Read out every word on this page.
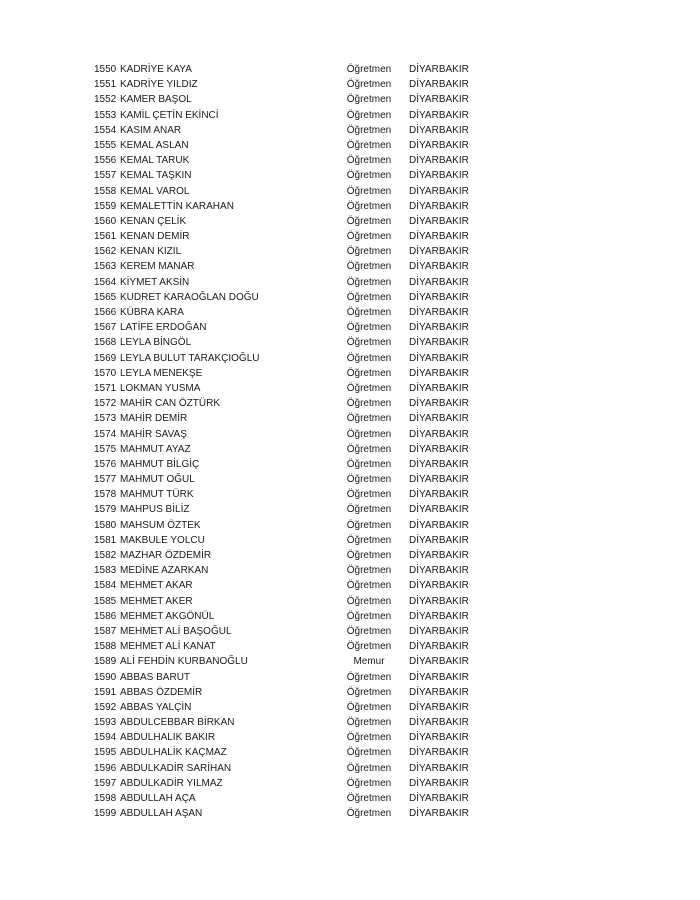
1550 KADRİYE KAYA	Öğretmen	DİYARBAKIR
1551 KADRİYE YILDIZ	Öğretmen	DİYARBAKIR
1552 KAMER BAŞOL	Öğretmen	DİYARBAKIR
1553 KAMİL ÇETİN EKİNCİ	Öğretmen	DİYARBAKIR
1554 KASIM ANAR	Öğretmen	DİYARBAKIR
1555 KEMAL ASLAN	Öğretmen	DİYARBAKIR
1556 KEMAL TARUK	Öğretmen	DİYARBAKIR
1557 KEMAL TAŞKIN	Öğretmen	DİYARBAKIR
1558 KEMAL VAROL	Öğretmen	DİYARBAKIR
1559 KEMALETTİN KARAHAN	Öğretmen	DİYARBAKIR
1560 KENAN ÇELİK	Öğretmen	DİYARBAKIR
1561 KENAN DEMİR	Öğretmen	DİYARBAKIR
1562 KENAN KIZIL	Öğretmen	DİYARBAKIR
1563 KEREM MANAR	Öğretmen	DİYARBAKIR
1564 KİYMET AKSİN	Öğretmen	DİYARBAKIR
1565 KUDRET KARAOĞLAN DOĞU	Öğretmen	DİYARBAKIR
1566 KÜBRA KARA	Öğretmen	DİYARBAKIR
1567 LATİFE ERDOĞAN	Öğretmen	DİYARBAKIR
1568 LEYLA BİNGÖL	Öğretmen	DİYARBAKIR
1569 LEYLA BULUT TARAKÇIOĞLU	Öğretmen	DİYARBAKIR
1570 LEYLA MENEKŞE	Öğretmen	DİYARBAKIR
1571 LOKMAN YUSMA	Öğretmen	DİYARBAKIR
1572 MAHİR CAN ÖZTÜRK	Öğretmen	DİYARBAKIR
1573 MAHİR DEMİR	Öğretmen	DİYARBAKIR
1574 MAHİR SAVAŞ	Öğretmen	DİYARBAKIR
1575 MAHMUT AYAZ	Öğretmen	DİYARBAKIR
1576 MAHMUT BİLGİÇ	Öğretmen	DİYARBAKIR
1577 MAHMUT OĞUL	Öğretmen	DİYARBAKIR
1578 MAHMUT TÜRK	Öğretmen	DİYARBAKIR
1579 MAHPUS BİLİZ	Öğretmen	DİYARBAKIR
1580 MAHSUM ÖZTEK	Öğretmen	DİYARBAKIR
1581 MAKBULE YOLCU	Öğretmen	DİYARBAKIR
1582 MAZHAR ÖZDEMİR	Öğretmen	DİYARBAKIR
1583 MEDİNE AZARKAN	Öğretmen	DİYARBAKIR
1584 MEHMET AKAR	Öğretmen	DİYARBAKIR
1585 MEHMET AKER	Öğretmen	DİYARBAKIR
1586 MEHMET AKGÖNÜL	Öğretmen	DİYARBAKIR
1587 MEHMET ALİ BAŞOĞUL	Öğretmen	DİYARBAKIR
1588 MEHMET ALİ KANAT	Öğretmen	DİYARBAKIR
1589 ALİ FEHDİN KURBANOĞLU	Memur	DİYARBAKIR
1590 ABBAS BARUT	Öğretmen	DİYARBAKIR
1591 ABBAS ÖZDEMİR	Öğretmen	DİYARBAKIR
1592 ABBAS YALÇİN	Öğretmen	DİYARBAKIR
1593 ABDULCEBBAR BİRKAN	Öğretmen	DİYARBAKIR
1594 ABDULHALIK BAKIR	Öğretmen	DİYARBAKIR
1595 ABDULHALİK KAÇMAZ	Öğretmen	DİYARBAKIR
1596 ABDULKADİR SARİHAN	Öğretmen	DİYARBAKIR
1597 ABDULKADİR YILMAZ	Öğretmen	DİYARBAKIR
1598 ABDULLAH AÇA	Öğretmen	DİYARBAKIR
1599 ABDULLAH AŞAN	Öğretmen	DİYARBAKIR
